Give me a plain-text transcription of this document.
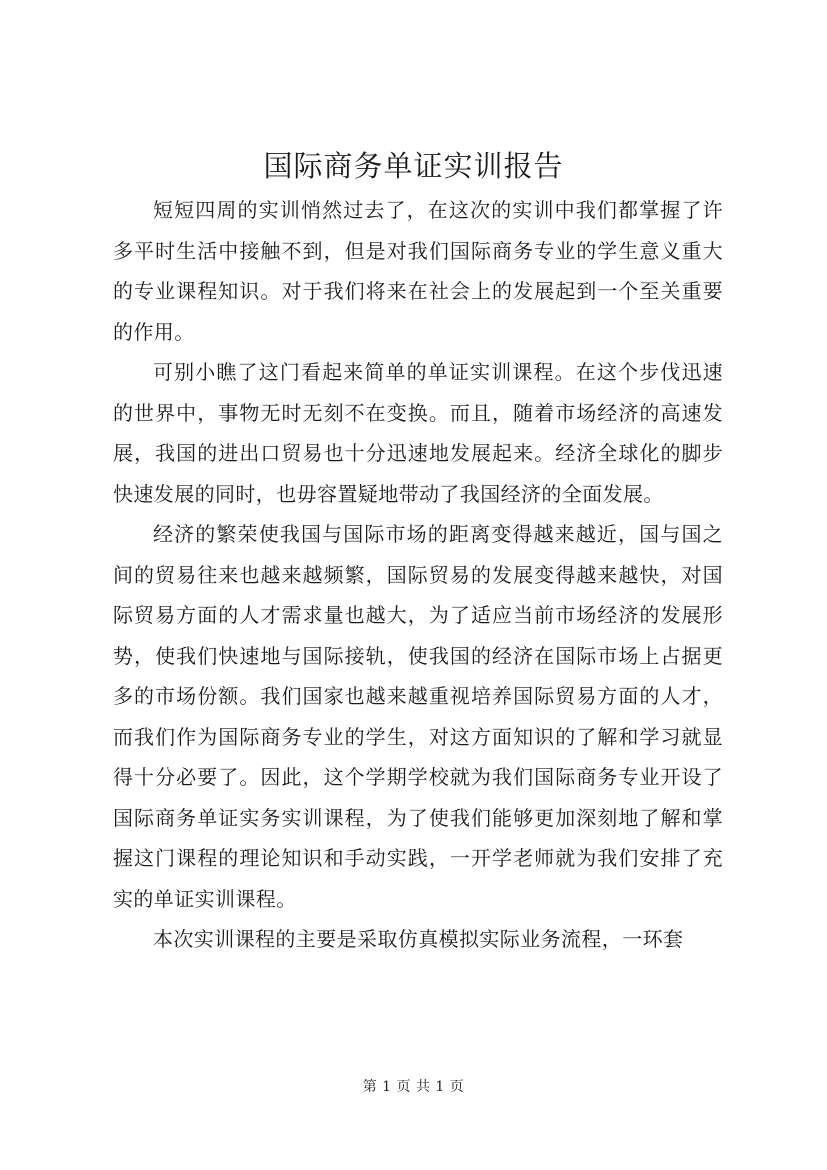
国际商务单证实训报告

短短四周的实训悄然过去了，在这次的实训中我们都掌握了许多平时生活中接触不到，但是对我们国际商务专业的学生意义重大的专业课程知识。对于我们将来在社会上的发展起到一个至关重要的作用。

可别小瞧了这门看起来简单的单证实训课程。在这个步伐迅速的世界中，事物无时无刻不在变换。而且，随着市场经济的高速发展，我国的进出口贸易也十分迅速地发展起来。经济全球化的脚步快速发展的同时，也毋容置疑地带动了我国经济的全面发展。

经济的繁荣使我国与国际市场的距离变得越来越近，国与国之间的贸易往来也越来越频繁，国际贸易的发展变得越来越快，对国际贸易方面的人才需求量也越大，为了适应当前市场经济的发展形势，使我们快速地与国际接轨，使我国的经济在国际市场上占据更多的市场份额。我们国家也越来越重视培养国际贸易方面的人才，而我们作为国际商务专业的学生，对这方面知识的了解和学习就显得十分必要了。因此，这个学期学校就为我们国际商务专业开设了国际商务单证实务实训课程，为了使我们能够更加深刻地了解和掌握这门课程的理论知识和手动实践，一开学老师就为我们安排了充实的单证实训课程。

本次实训课程的主要是采取仿真模拟实际业务流程，一环套

第 1 页 共 1 页
